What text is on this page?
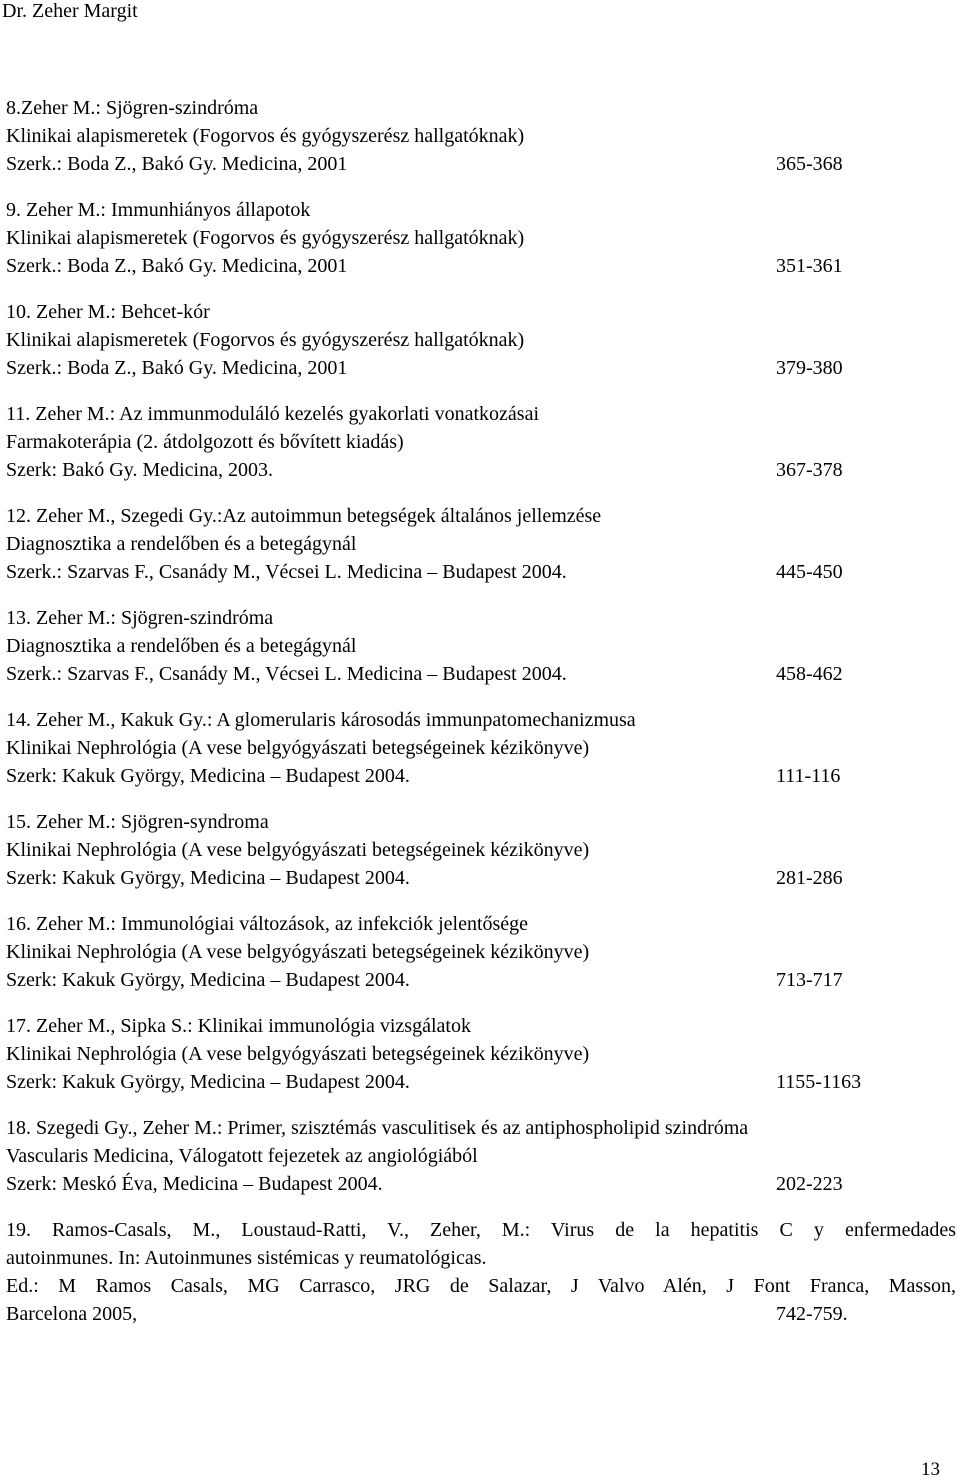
Dr. Zeher Margit
8.Zeher M.: Sjögren-szindróma
Klinikai alapismeretek (Fogorvos és gyógyszerész hallgatóknak)
Szerk.: Boda Z., Bakó Gy. Medicina, 2001	365-368
9. Zeher M.: Immunhiányos állapotok
Klinikai alapismeretek (Fogorvos és gyógyszerész hallgatóknak)
Szerk.: Boda Z., Bakó Gy. Medicina, 2001	351-361
10. Zeher M.: Behcet-kór
Klinikai alapismeretek (Fogorvos és gyógyszerész hallgatóknak)
Szerk.: Boda Z., Bakó Gy. Medicina, 2001	379-380
11. Zeher M.: Az immunmoduláló kezelés gyakorlati vonatkozásai
Farmakoterápia (2. átdolgozott és bővített kiadás)
Szerk: Bakó Gy. Medicina, 2003.	367-378
12. Zeher M., Szegedi Gy.:Az autoimmun betegségek általános jellemzése
Diagnosztika a rendelőben és a betegágynál
Szerk.: Szarvas F., Csanády M., Vécsei L. Medicina – Budapest 2004.	445-450
13. Zeher M.: Sjögren-szindróma
Diagnosztika a rendelőben és a betegágynál
Szerk.: Szarvas F., Csanády M., Vécsei L. Medicina – Budapest 2004.	458-462
14. Zeher M., Kakuk Gy.: A glomerularis károsodás immunpatomechanizmusa
Klinikai Nephrológia (A vese belgyógyászati betegségeinek kézikönyve)
Szerk: Kakuk György, Medicina – Budapest 2004.	111-116
15. Zeher M.: Sjögren-syndroma
Klinikai Nephrológia (A vese belgyógyászati betegségeinek kézikönyve)
Szerk: Kakuk György, Medicina – Budapest 2004.	281-286
16. Zeher M.: Immunológiai változások, az infekciók jelentősége
Klinikai Nephrológia (A vese belgyógyászati betegségeinek kézikönyve)
Szerk: Kakuk György, Medicina – Budapest 2004.	713-717
17. Zeher M., Sipka S.: Klinikai immunológia vizsgálatok
Klinikai Nephrológia (A vese belgyógyászati betegségeinek kézikönyve)
Szerk: Kakuk György, Medicina – Budapest 2004.	1155-1163
18. Szegedi Gy., Zeher M.: Primer, szisztémás vasculitisek és az antiphospholipid szindróma
Vascularis Medicina, Válogatott fejezetek az angiológiából
Szerk: Meskó Éva, Medicina – Budapest 2004.	202-223
19. Ramos-Casals, M., Loustaud-Ratti, V., Zeher, M.: Virus de la hepatitis C y enfermedades
autoinmunes. In: Autoinmunes sistémicas y reumatológicas.
Ed.: M Ramos Casals, MG Carrasco, JRG de Salazar, J Valvo Alén, J Font Franca, Masson,
Barcelona 2005,	742-759.
13
